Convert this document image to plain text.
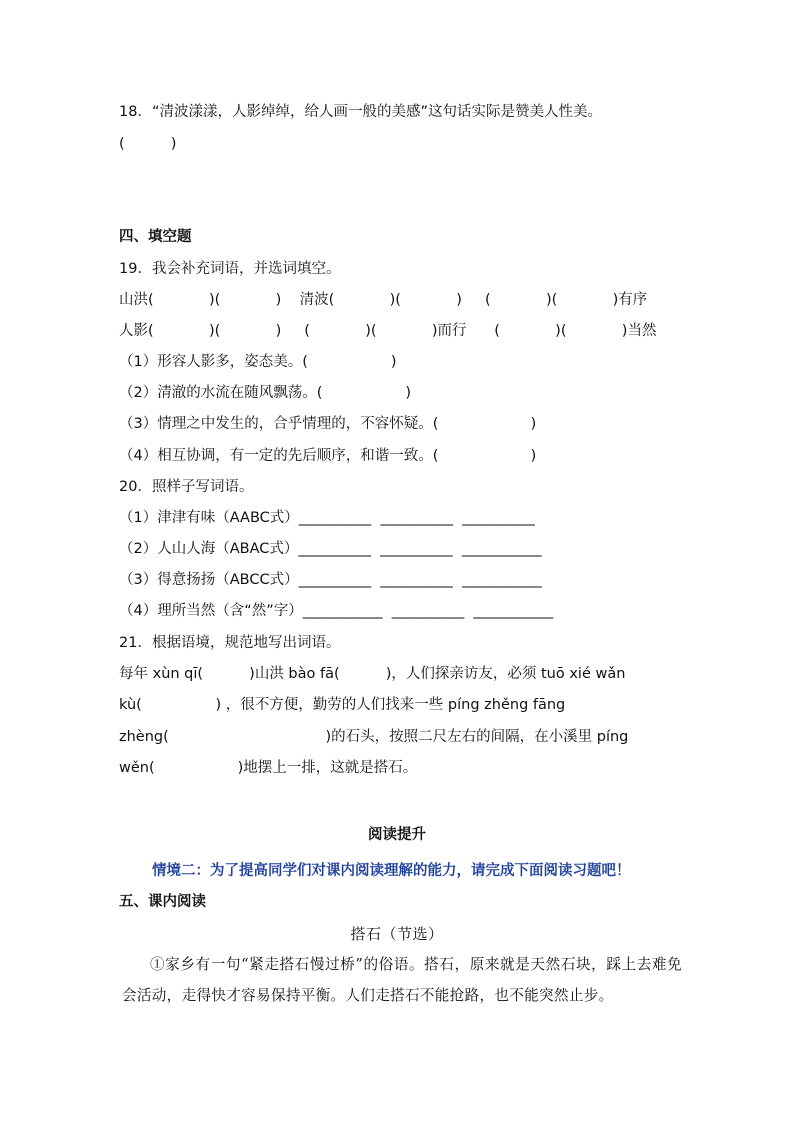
18．“清波漾漾，人影绰绰，给人画一般的美感”这句话实际是赞美人性美。
(          )
四、填空题
19．我会补充词语，并选词填空。
山洪(            )(            )    清波(            )(            )     (            )(            )有序
人影(            )(            )     (            )(            )而行      (            )(            )当然
（1）形容人影多，姿态美。(                  )
（2）清澈的水流在随风飘荡。(                  )
（3）情理之中发生的，合乎情理的，不容怀疑。(                    )
（4）相互协调，有一定的先后顺序，和谐一致。(                    )
20．照样子写词语。
（1）津津有味（AABC式）__________  __________  __________
（2）人山人海（ABAC式）__________  __________  ___________
（3）得意扬扬（ABCC式）__________  __________  ___________
（4）理所当然（含“然”字）___________  __________  ___________
21．根据语境，规范地写出词语。
每年 xùn qī(          )山洪 bào fā(          )，人们探亲访友，必须 tuō xié wǎn
kù(                ) ，很不方便，勤劳的人们找来一些 píng zhěng fāng
zhèng(                                  )的石头，按照二尺左右的间隔，在小溪里 píng
wěn(                  )地摆上一排，这就是搭石。
阅读提升
情境二：为了提高同学们对课内阅读理解的能力，请完成下面阅读习题吧！
五、课内阅读
搭石（节选）
①家乡有一句“紧走搭石慢过桥”的俗语。搭石，原来就是天然石块，踩上去难免会活动，走得快才容易保持平衡。人们走搭石不能抢路，也不能突然止步。
